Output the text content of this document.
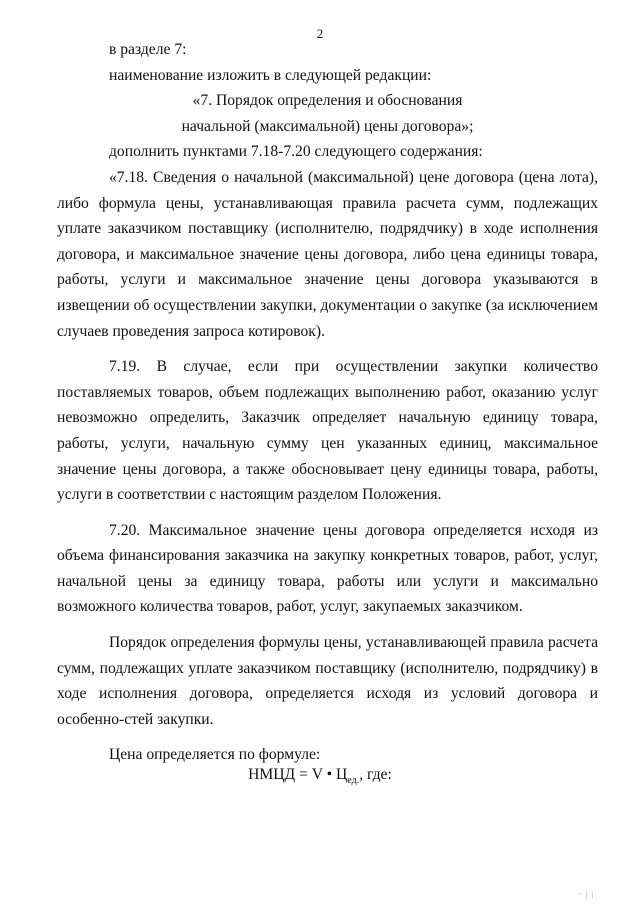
2

в разделе 7:

наименование изложить в следующей редакции:

«7. Порядок определения и обоснования

начальной (максимальной) цены договора»;

дополнить пунктами 7.18-7.20 следующего содержания:

«7.18. Сведения о начальной (максимальной) цене договора (цена лота), либо формула цены, устанавливающая правила расчета сумм, подлежащих уплате заказчиком поставщику (исполнителю, подрядчику) в ходе исполнения договора, и максимальное значение цены договора, либо цена единицы товара, работы, услуги и максимальное значение цены договора указываются в извещении об осуществлении закупки, документации о закупке (за исключением случаев проведения запроса котировок).

7.19. В случае, если при осуществлении закупки количество поставляемых товаров, объем подлежащих выполнению работ, оказанию услуг невозможно определить, Заказчик определяет начальную единицу товара, работы, услуги, начальную сумму цен указанных единиц, максимальное значение цены договора, а также обосновывает цену единицы товара, работы, услуги в соответствии с настоящим разделом Положения.

7.20. Максимальное значение цены договора определяется исходя из объема финансирования заказчика на закупку конкретных товаров, работ, услуг, начальной цены за единицу товара, работы или услуги и максимально возможного количества товаров, работ, услуг, закупаемых заказчиком.

Порядок определения формулы цены, устанавливающей правила расчета сумм, подлежащих уплате заказчиком поставщику (исполнителю, подрядчику) в ходе исполнения договора, определяется исходя из условий договора и особенно-стей закупки.

Цена определяется по формуле:

НМЦД = V • $Ц_{ед.}$, где:
· | |
